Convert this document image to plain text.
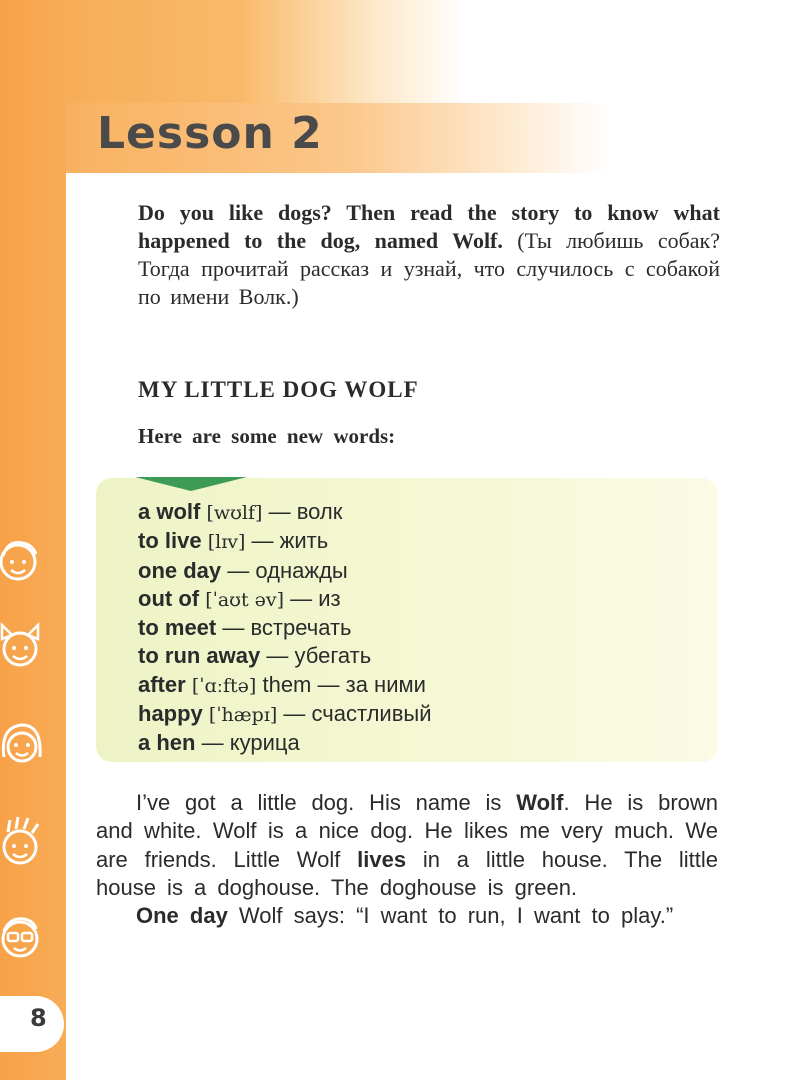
Lesson 2

Do you like dogs? Then read the story to know what happened to the dog, named Wolf. (Ты любишь собак? Тогда прочитай рассказ и узнай, что случилось с собакой по имени Волк.)

MY LITTLE DOG WOLF
Here are some new words:
a wolf [wʊlf] — волк
to live [lɪv] — жить
one day — однажды
out of [ˈaʊt əv] — из
to meet — встречать
to run away — убегать
after [ˈɑːftə] them — за ними
happy [ˈhæpɪ] — счастливый
a hen — курица

I’ve got a little dog. His name is Wolf. He is brown and white. Wolf is a nice dog. He likes me very much. We are friends. Little Wolf lives in a little house. The little house is a doghouse. The doghouse is green.

One day Wolf says: “I want to run, I want to play.”

8
